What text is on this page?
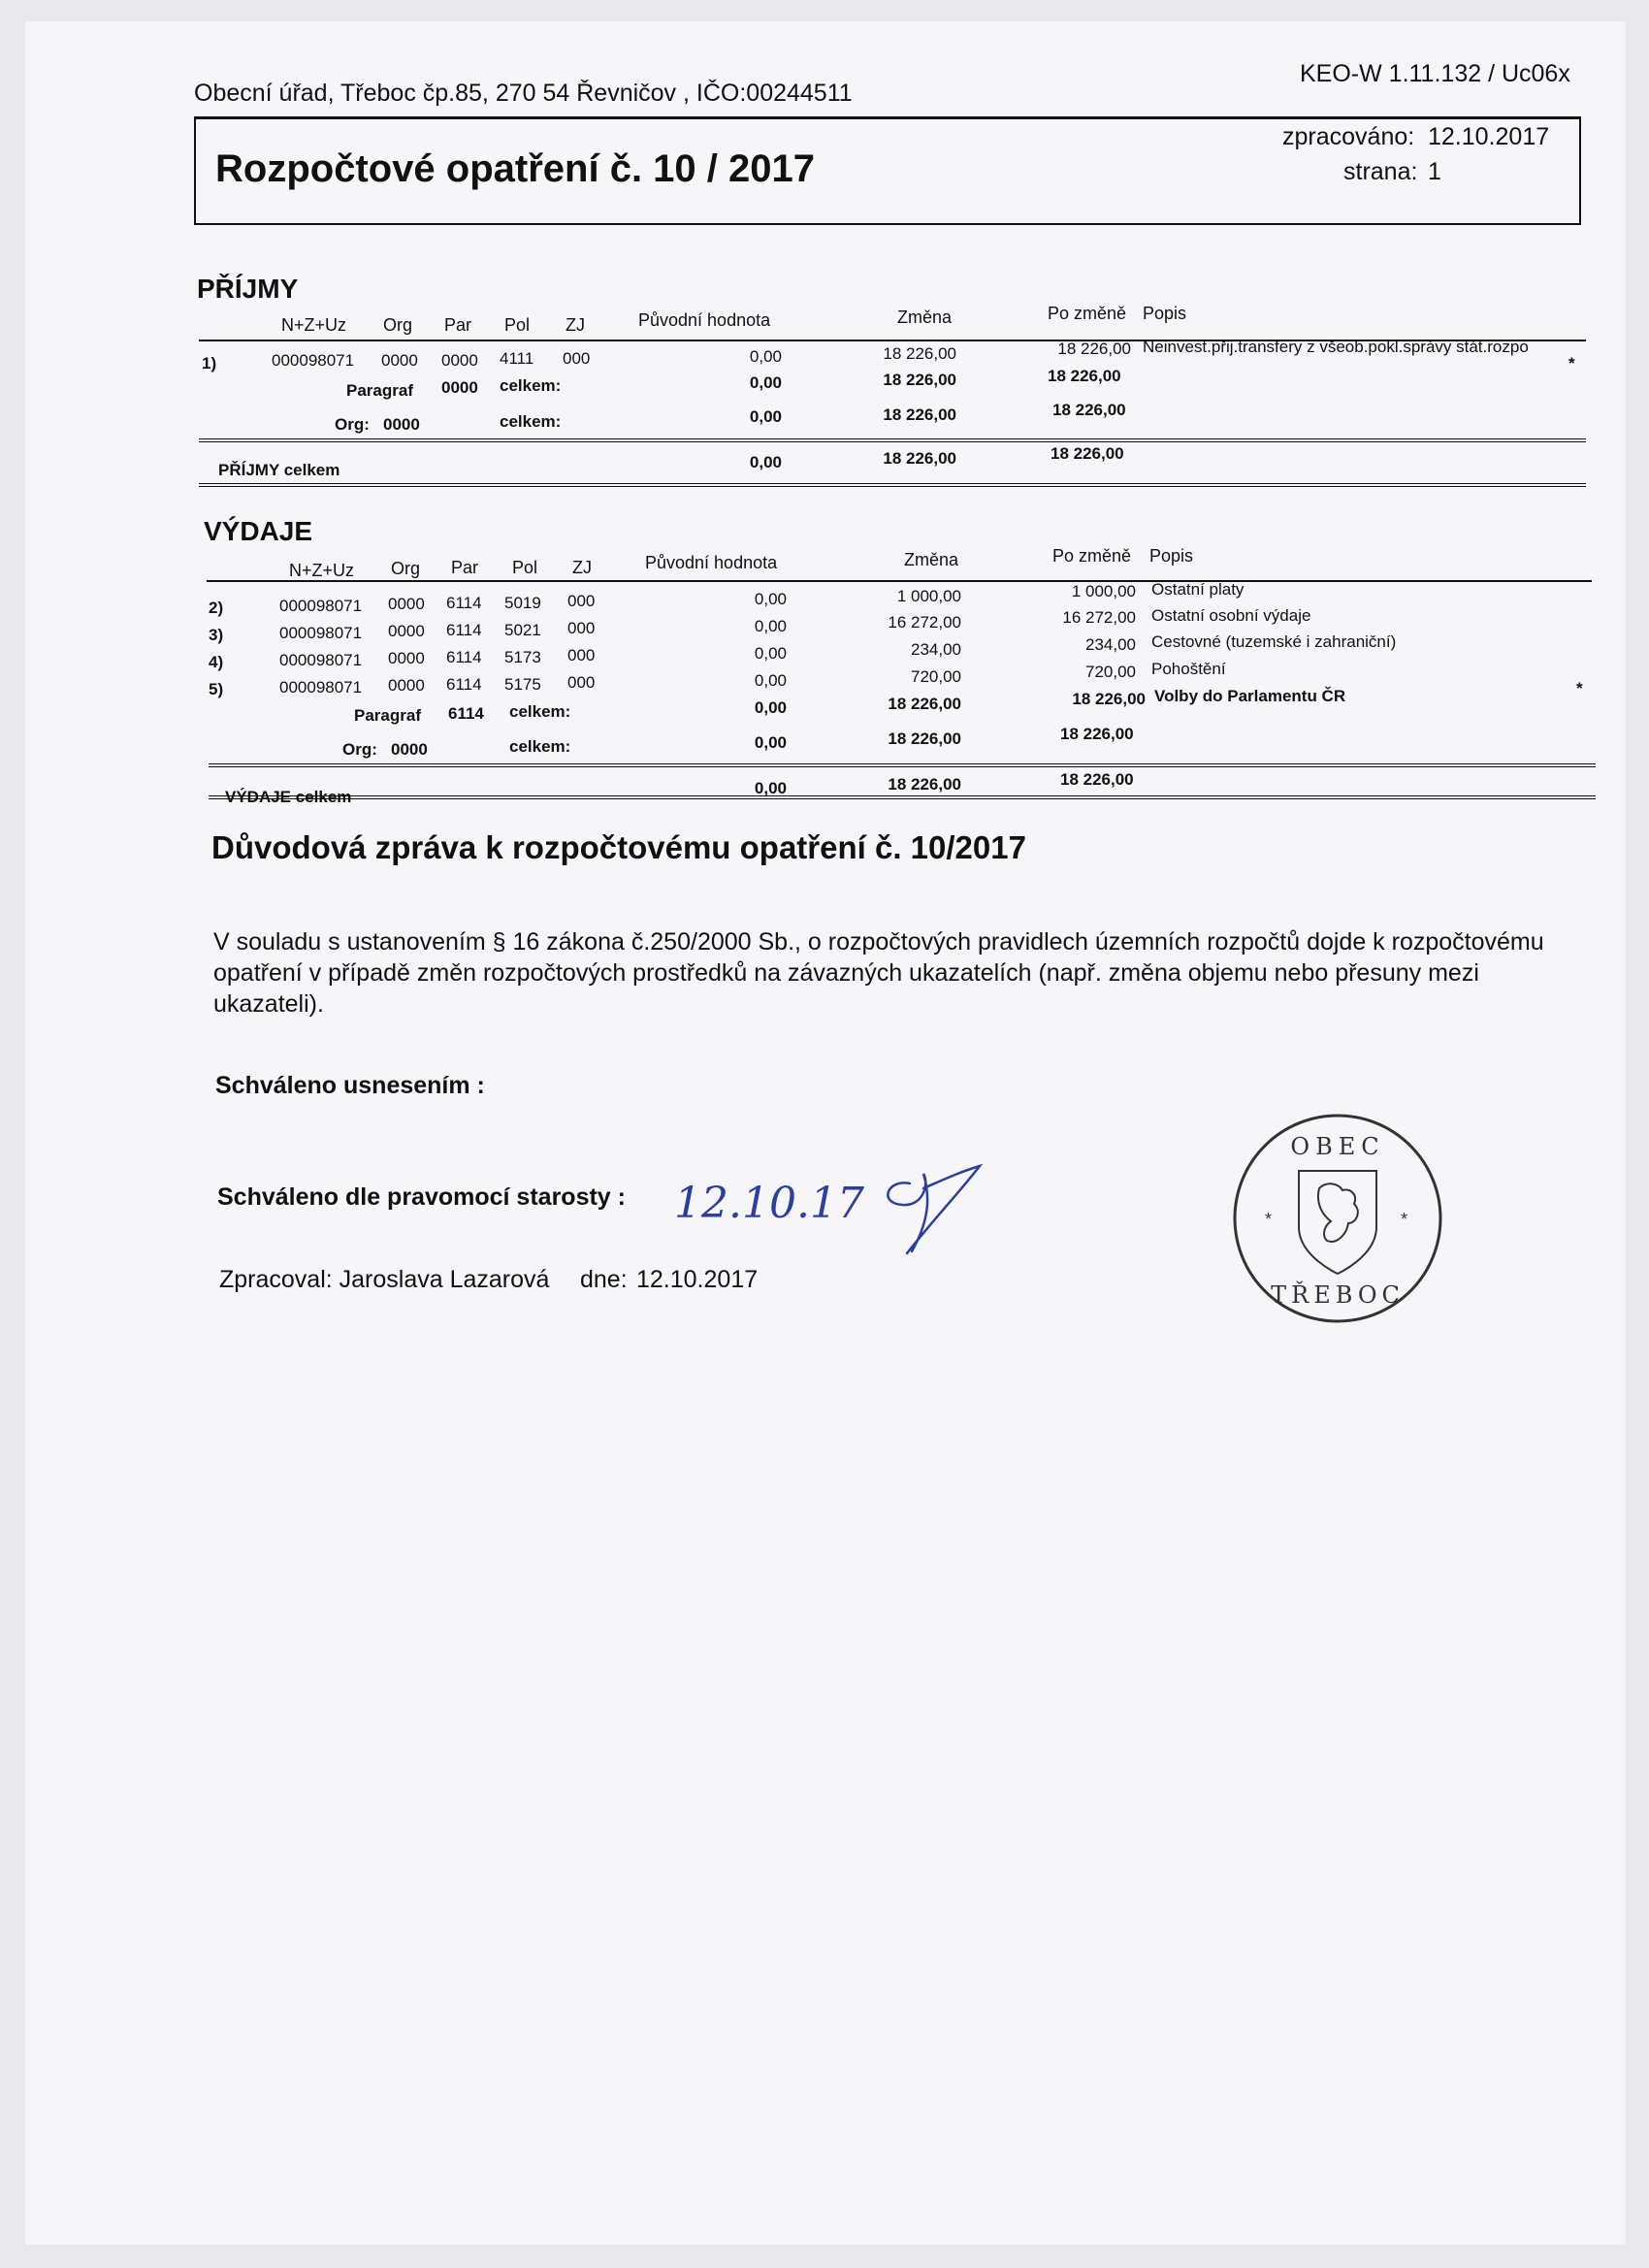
Obecní úřad, Třeboc čp.85, 270 54 Řevničov , IČO:00244511
KEO-W 1.11.132 / Uc06x
Rozpočtové opatření č. 10 / 2017
zpracováno: 12.10.2017
strana: 1
PŘÍJMY
N+Z+Uz Org Par Pol ZJ	Původní hodnota	Změna	Po změně Popis
1)	000098071 0000 0000 4111 000	0,00	18 226,00	18 226,00 Neinvest.přij.transfery z všeob.pokl.správy stát.rozpo
Paragraf 0000 celkem:	0,00	18 226,00	18 226,00
*
Org: 0000	celkem:	0,00	18 226,00	18 226,00
PŘÍJMY celkem	0,00	18 226,00	18 226,00
VÝDAJE
N+Z+Uz Org Par Pol ZJ	Původní hodnota	Změna	Po změně Popis
2)	000098071 0000 6114 5019 000	0,00	1 000,00	1 000,00 Ostatní platy
3)	000098071 0000 6114 5021 000	0,00	16 272,00	16 272,00 Ostatní osobní výdaje
4)	000098071 0000 6114 5173 000	0,00	234,00	234,00 Cestovné (tuzemské i zahraniční)
5)	000098071 0000 6114 5175 000	0,00	720,00	720,00 Pohoštění
Paragraf 6114 celkem:	0,00	18 226,00	18 226,00 Volby do Parlamentu ČR	*
Org: 0000	celkem:	0,00	18 226,00	18 226,00
VÝDAJE celkem	0,00	18 226,00	18 226,00
Důvodová zpráva k rozpočtovému opatření č. 10/2017
V souladu s ustanovením § 16 zákona č.250/2000 Sb., o rozpočtových pravidlech územních rozpočtů dojde k rozpočtovému opatření v případě změn rozpočtových prostředků na závazných ukazatelích (např. změna objemu nebo přesuny mezi ukazateli).
Schváleno usnesením :
Schváleno dle pravomocí starosty :
Zpracoval: Jaroslava Lazarová dne: 12.10.2017
12.10.17
OBEC
TŘEBOC
*	*
